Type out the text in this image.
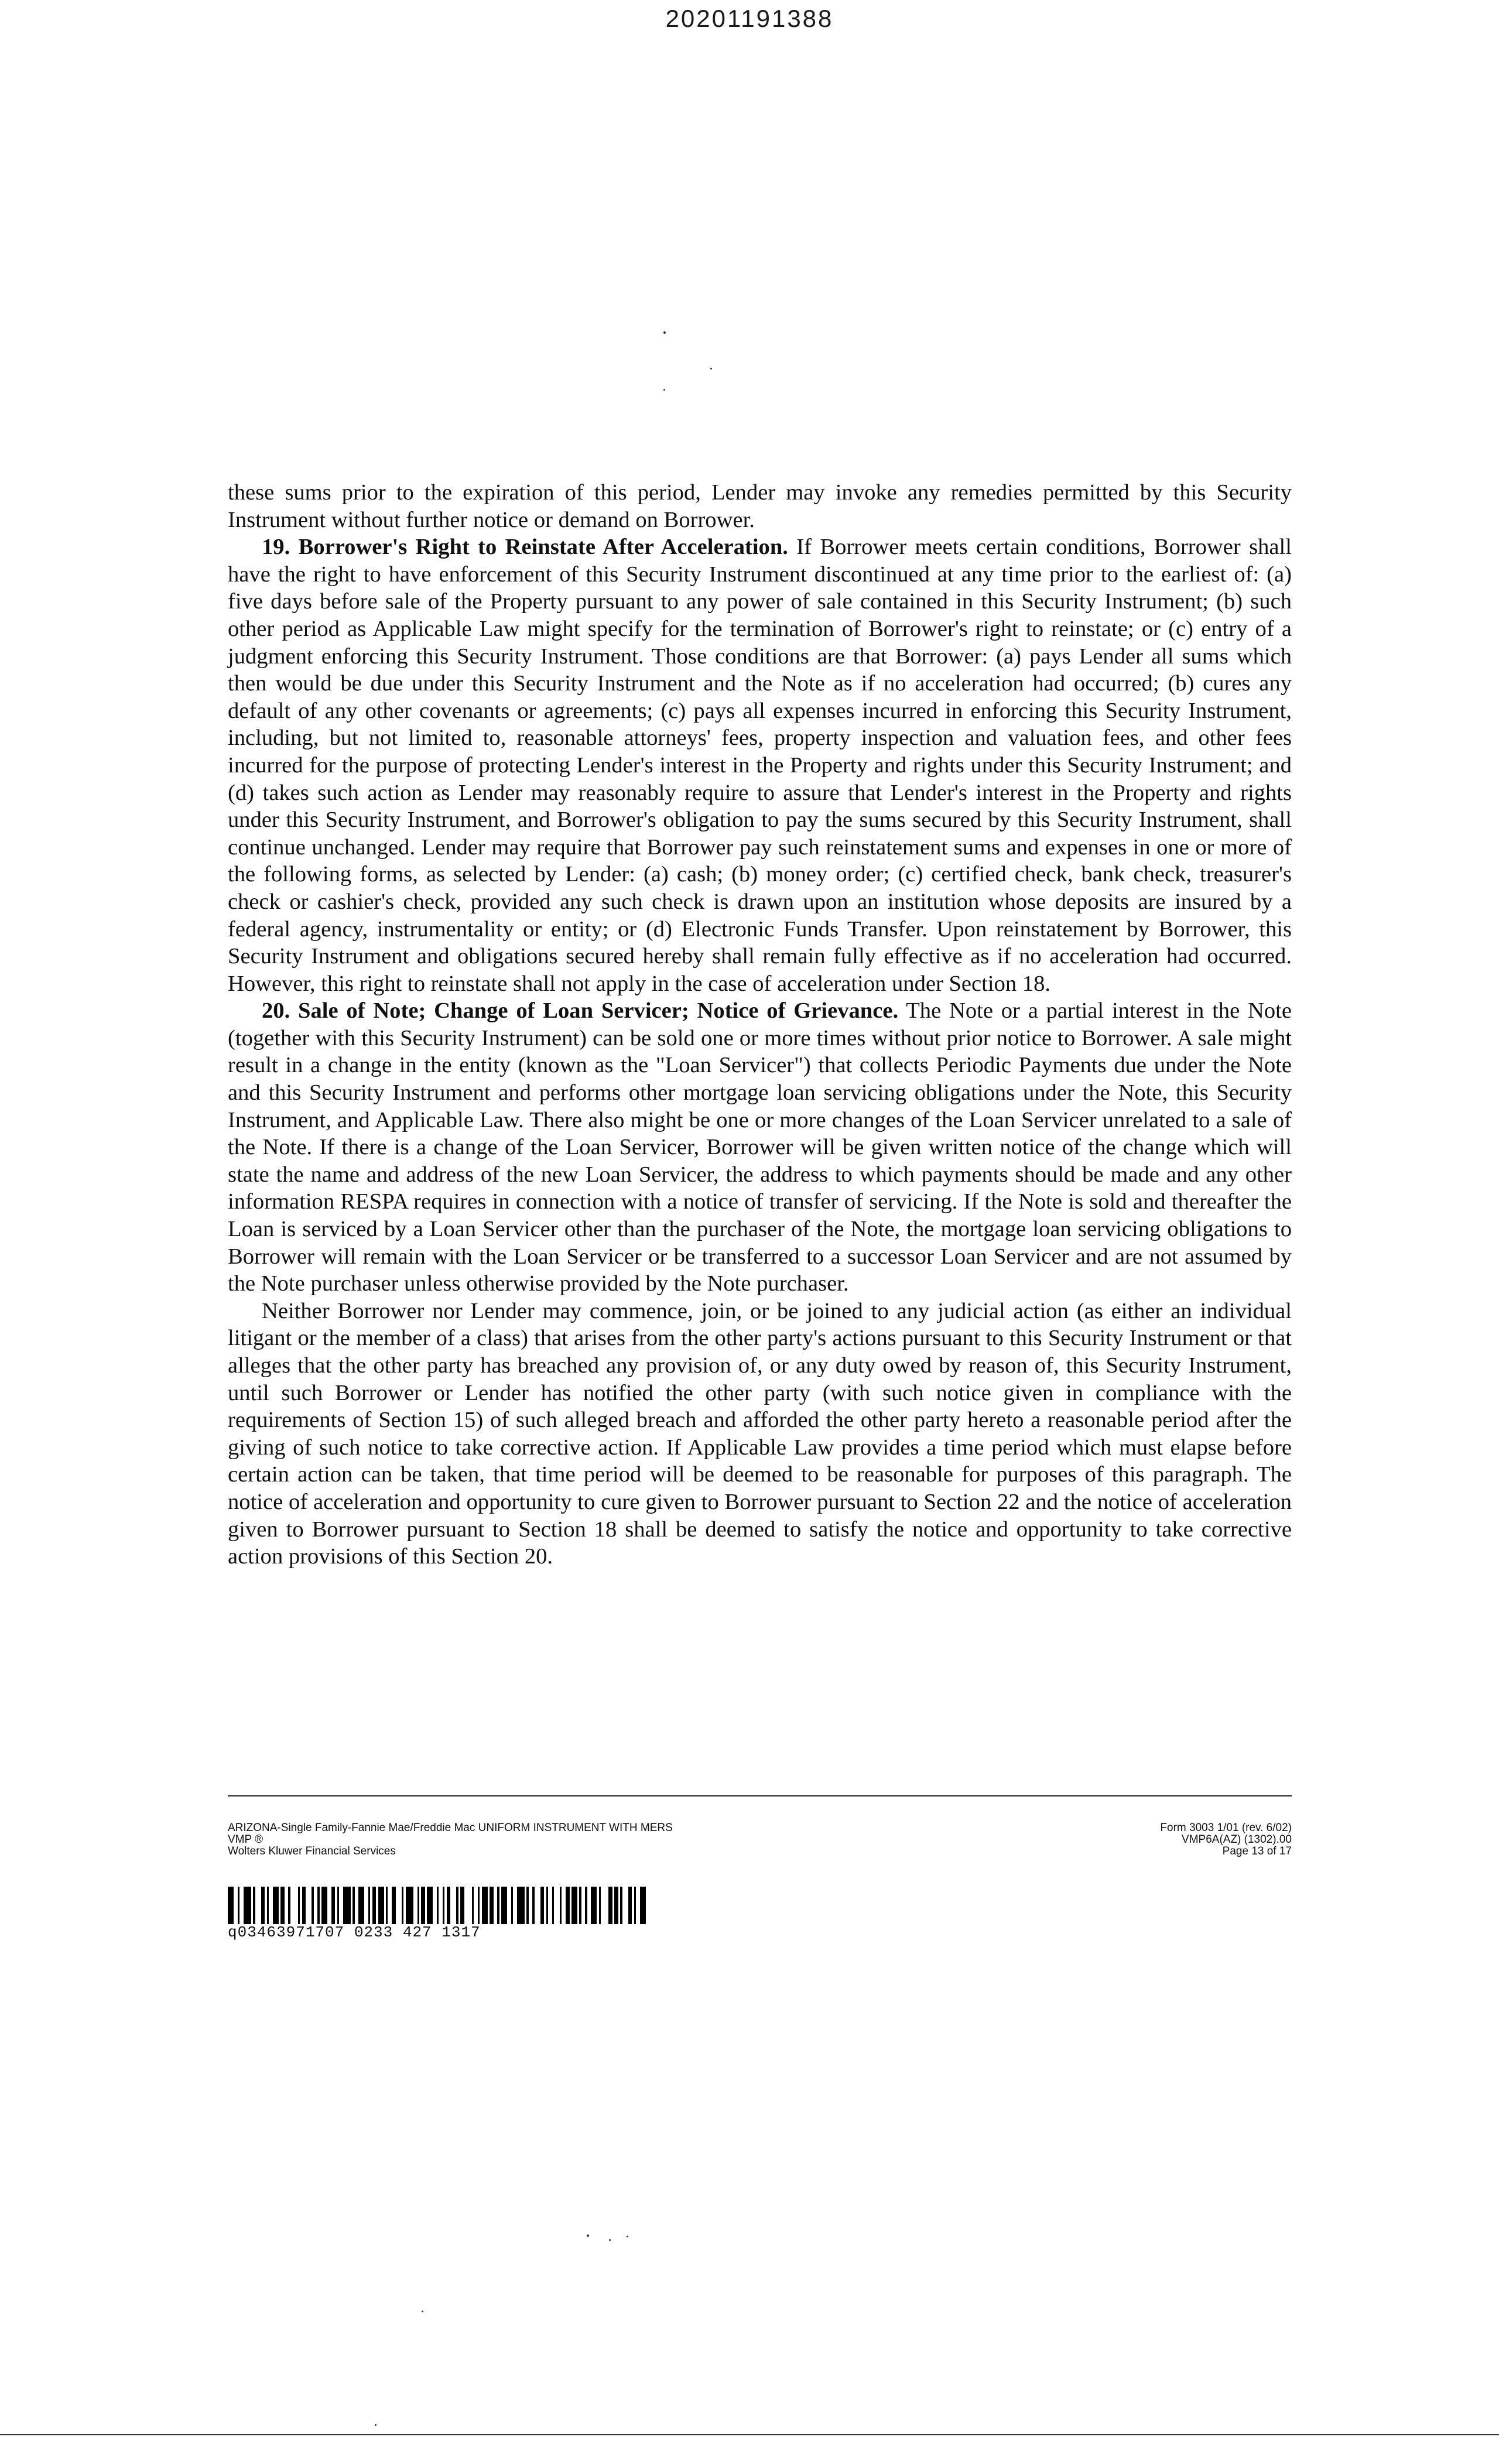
20201191388

these sums prior to the expiration of this period, Lender may invoke any remedies permitted by this Security Instrument without further notice or demand on Borrower.

19. Borrower's Right to Reinstate After Acceleration. If Borrower meets certain conditions, Borrower shall have the right to have enforcement of this Security Instrument discontinued at any time prior to the earliest of: (a) five days before sale of the Property pursuant to any power of sale contained in this Security Instrument; (b) such other period as Applicable Law might specify for the termination of Borrower's right to reinstate; or (c) entry of a judgment enforcing this Security Instrument. Those conditions are that Borrower: (a) pays Lender all sums which then would be due under this Security Instrument and the Note as if no acceleration had occurred; (b) cures any default of any other covenants or agreements; (c) pays all expenses incurred in enforcing this Security Instrument, including, but not limited to, reasonable attorneys' fees, property inspection and valuation fees, and other fees incurred for the purpose of protecting Lender's interest in the Property and rights under this Security Instrument; and (d) takes such action as Lender may reasonably require to assure that Lender's interest in the Property and rights under this Security Instrument, and Borrower's obligation to pay the sums secured by this Security Instrument, shall continue unchanged. Lender may require that Borrower pay such reinstatement sums and expenses in one or more of the following forms, as selected by Lender: (a) cash; (b) money order; (c) certified check, bank check, treasurer's check or cashier's check, provided any such check is drawn upon an institution whose deposits are insured by a federal agency, instrumentality or entity; or (d) Electronic Funds Transfer. Upon reinstatement by Borrower, this Security Instrument and obligations secured hereby shall remain fully effective as if no acceleration had occurred. However, this right to reinstate shall not apply in the case of acceleration under Section 18.

20. Sale of Note; Change of Loan Servicer; Notice of Grievance. The Note or a partial interest in the Note (together with this Security Instrument) can be sold one or more times without prior notice to Borrower. A sale might result in a change in the entity (known as the "Loan Servicer") that collects Periodic Payments due under the Note and this Security Instrument and performs other mortgage loan servicing obligations under the Note, this Security Instrument, and Applicable Law. There also might be one or more changes of the Loan Servicer unrelated to a sale of the Note. If there is a change of the Loan Servicer, Borrower will be given written notice of the change which will state the name and address of the new Loan Servicer, the address to which payments should be made and any other information RESPA requires in connection with a notice of transfer of servicing. If the Note is sold and thereafter the Loan is serviced by a Loan Servicer other than the purchaser of the Note, the mortgage loan servicing obligations to Borrower will remain with the Loan Servicer or be transferred to a successor Loan Servicer and are not assumed by the Note purchaser unless otherwise provided by the Note purchaser.

Neither Borrower nor Lender may commence, join, or be joined to any judicial action (as either an individual litigant or the member of a class) that arises from the other party's actions pursuant to this Security Instrument or that alleges that the other party has breached any provision of, or any duty owed by reason of, this Security Instrument, until such Borrower or Lender has notified the other party (with such notice given in compliance with the requirements of Section 15) of such alleged breach and afforded the other party hereto a reasonable period after the giving of such notice to take corrective action. If Applicable Law provides a time period which must elapse before certain action can be taken, that time period will be deemed to be reasonable for purposes of this paragraph. The notice of acceleration and opportunity to cure given to Borrower pursuant to Section 22 and the notice of acceleration given to Borrower pursuant to Section 18 shall be deemed to satisfy the notice and opportunity to take corrective action provisions of this Section 20.

ARIZONA-Single Family-Fannie Mae/Freddie Mac UNIFORM INSTRUMENT WITH MERS
VMP ®
Wolters Kluwer Financial Services
Form 3003 1/01 (rev. 6/02)
VMP6A(AZ) (1302).00
Page 13 of 17
q03463971707 0233 427 1317
